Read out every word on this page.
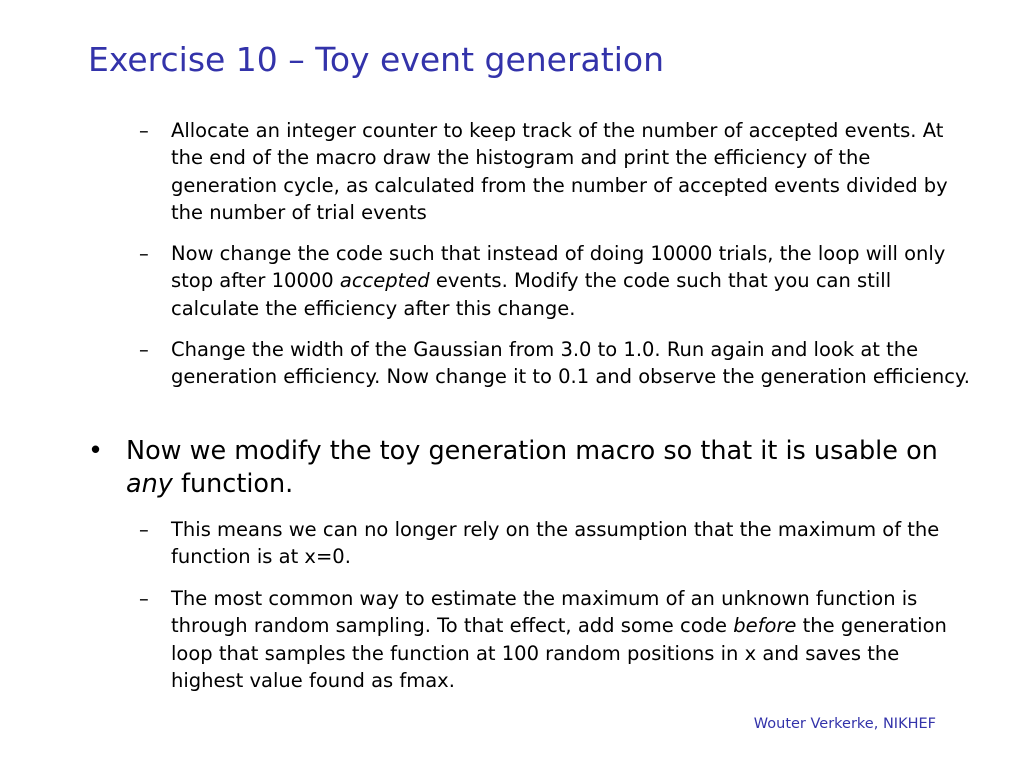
Exercise 10 – Toy event generation
– Allocate an integer counter to keep track of the number of accepted events. At the end of the macro draw the histogram and print the efficiency of the generation cycle, as calculated from the number of accepted events divided by the number of trial events
– Now change the code such that instead of doing 10000 trials, the loop will only stop after 10000 accepted events. Modify the code such that you can still calculate the efficiency after this change.
– Change the width of the Gaussian from 3.0 to 1.0. Run again and look at the generation efficiency. Now change it to 0.1 and observe the generation efficiency.
• Now we modify the toy generation macro so that it is usable on any function.
– This means we can no longer rely on the assumption that the maximum of the function is at x=0.
– The most common way to estimate the maximum of an unknown function is through random sampling. To that effect, add some code before the generation loop that samples the function at 100 random positions in x and saves the highest value found as fmax.
Wouter Verkerke, NIKHEF
